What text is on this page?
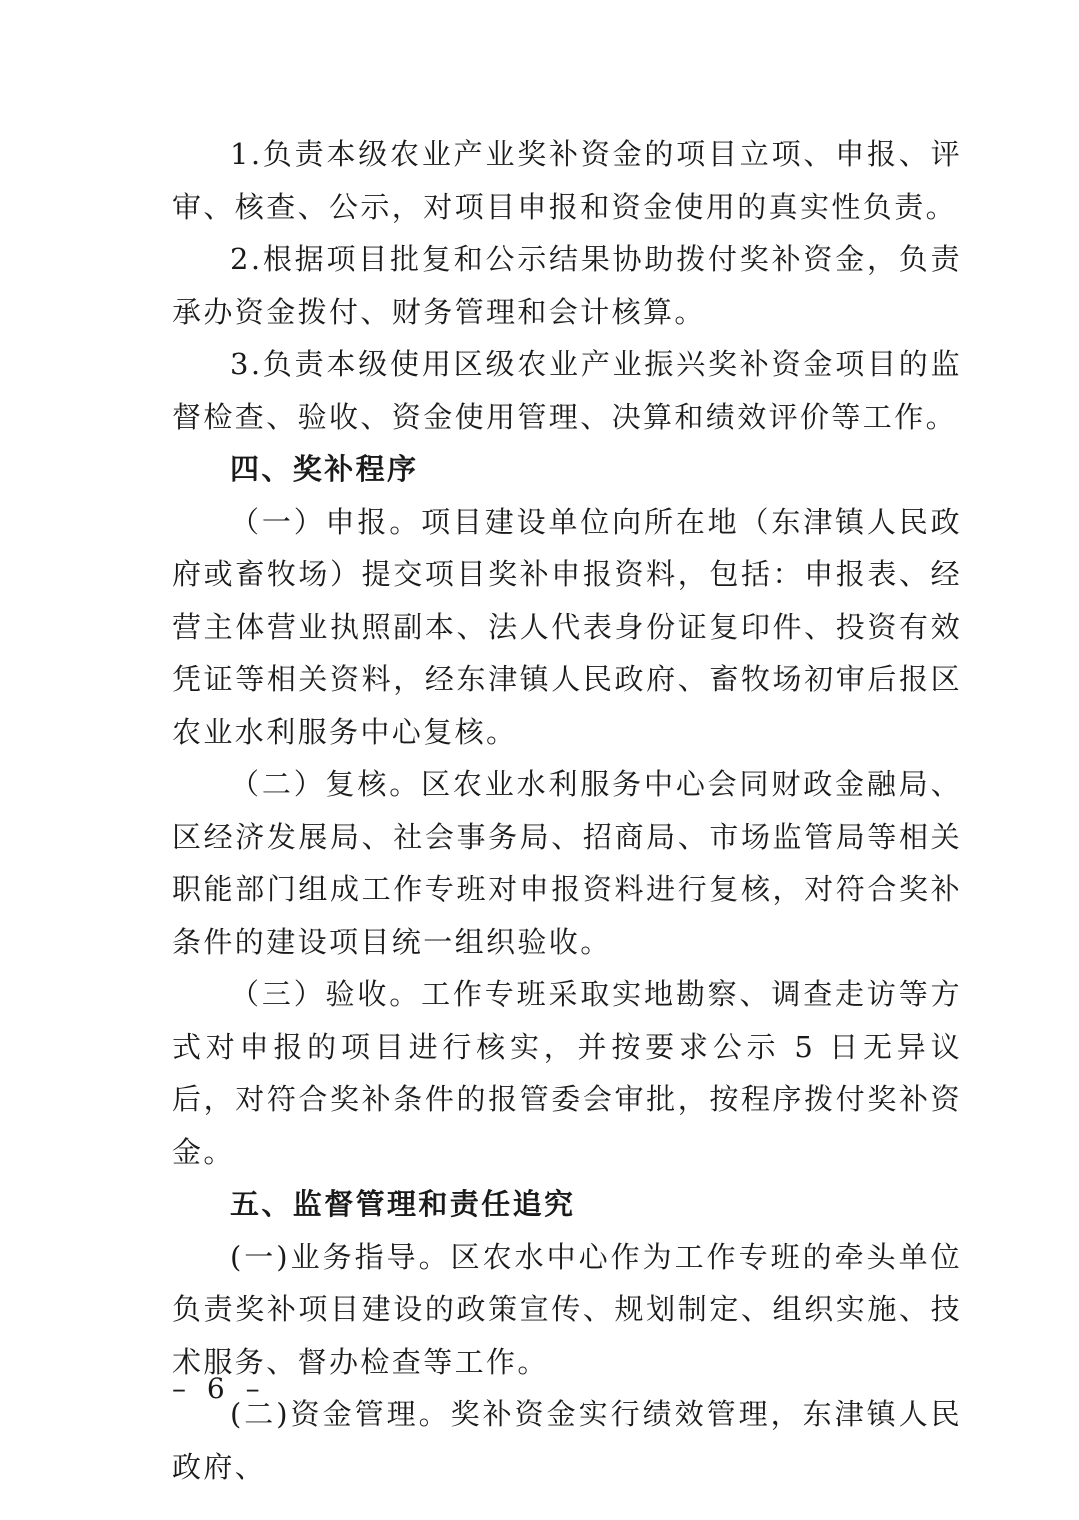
1.负责本级农业产业奖补资金的项目立项、申报、评审、核查、公示，对项目申报和资金使用的真实性负责。

2.根据项目批复和公示结果协助拨付奖补资金，负责承办资金拨付、财务管理和会计核算。

3.负责本级使用区级农业产业振兴奖补资金项目的监督检查、验收、资金使用管理、决算和绩效评价等工作。

四、奖补程序

（一）申报。项目建设单位向所在地（东津镇人民政府或畜牧场）提交项目奖补申报资料，包括：申报表、经营主体营业执照副本、法人代表身份证复印件、投资有效凭证等相关资料，经东津镇人民政府、畜牧场初审后报区农业水利服务中心复核。

（二）复核。区农业水利服务中心会同财政金融局、区经济发展局、社会事务局、招商局、市场监管局等相关职能部门组成工作专班对申报资料进行复核，对符合奖补条件的建设项目统一组织验收。

（三）验收。工作专班采取实地勘察、调查走访等方式对申报的项目进行核实，并按要求公示 5 日无异议后，对符合奖补条件的报管委会审批，按程序拨付奖补资金。

五、监督管理和责任追究

(一)业务指导。区农水中心作为工作专班的牵头单位负责奖补项目建设的政策宣传、规划制定、组织实施、技术服务、督办检查等工作。

(二)资金管理。奖补资金实行绩效管理，东津镇人民政府、

– 6 –
